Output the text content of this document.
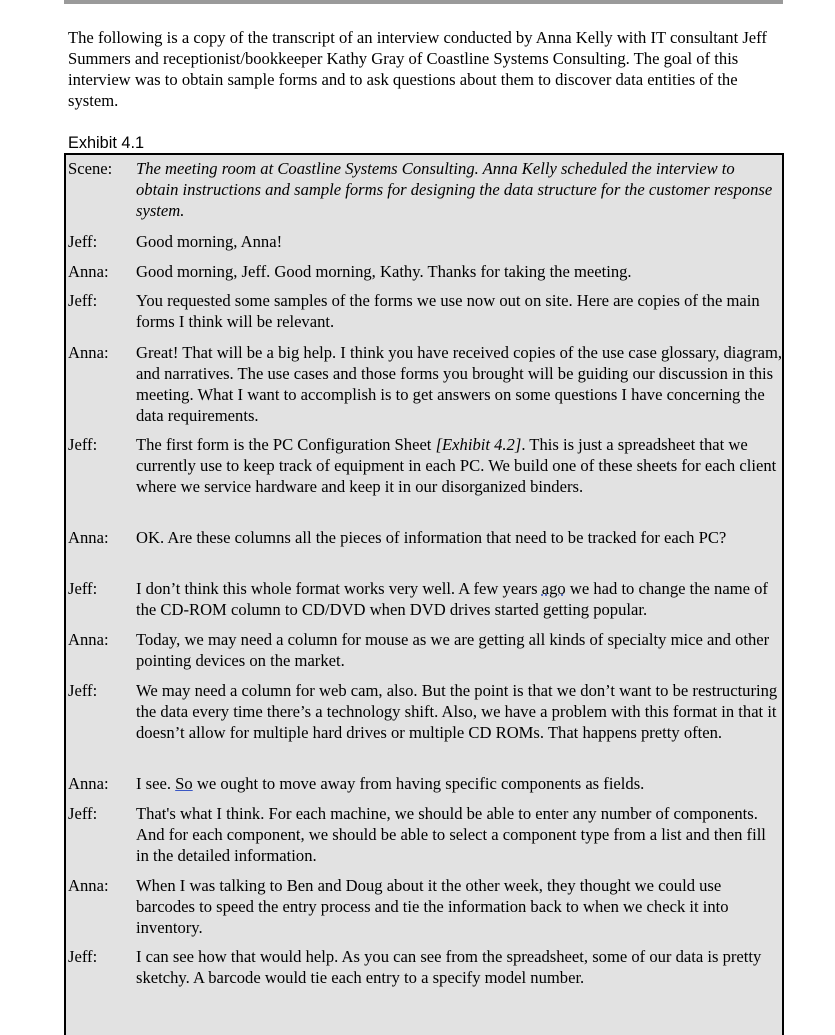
The following is a copy of the transcript of an interview conducted by Anna Kelly with IT consultant Jeff Summers and receptionist/bookkeeper Kathy Gray of Coastline Systems Consulting. The goal of this interview was to obtain sample forms and to ask questions about them to discover data entities of the system.

Exhibit 4.1
Scene: The meeting room at Coastline Systems Consulting. Anna Kelly scheduled the interview to obtain instructions and sample forms for designing the data structure for the customer response system.
Jeff: Good morning, Anna!
Anna: Good morning, Jeff. Good morning, Kathy. Thanks for taking the meeting.
Jeff: You requested some samples of the forms we use now out on site. Here are copies of the main forms I think will be relevant.
Anna: Great! That will be a big help. I think you have received copies of the use case glossary, diagram, and narratives. The use cases and those forms you brought will be guiding our discussion in this meeting. What I want to accomplish is to get answers on some questions I have concerning the data requirements.
Jeff: The first form is the PC Configuration Sheet [Exhibit 4.2]. This is just a spreadsheet that we currently use to keep track of equipment in each PC. We build one of these sheets for each client where we service hardware and keep it in our disorganized binders.
Anna: OK. Are these columns all the pieces of information that need to be tracked for each PC?
Jeff: I don’t think this whole format works very well. A few years ago we had to change the name of the CD-ROM column to CD/DVD when DVD drives started getting popular.
Anna: Today, we may need a column for mouse as we are getting all kinds of specialty mice and other pointing devices on the market.
Jeff: We may need a column for web cam, also. But the point is that we don’t want to be restructuring the data every time there’s a technology shift. Also, we have a problem with this format in that it doesn’t allow for multiple hard drives or multiple CD ROMs. That happens pretty often.
Anna: I see. So we ought to move away from having specific components as fields.
Jeff: That's what I think. For each machine, we should be able to enter any number of components. And for each component, we should be able to select a component type from a list and then fill in the detailed information.
Anna: When I was talking to Ben and Doug about it the other week, they thought we could use barcodes to speed the entry process and tie the information back to when we check it into inventory.
Jeff: I can see how that would help. As you can see from the spreadsheet, some of our data is pretty sketchy. A barcode would tie each entry to a specify model number.
